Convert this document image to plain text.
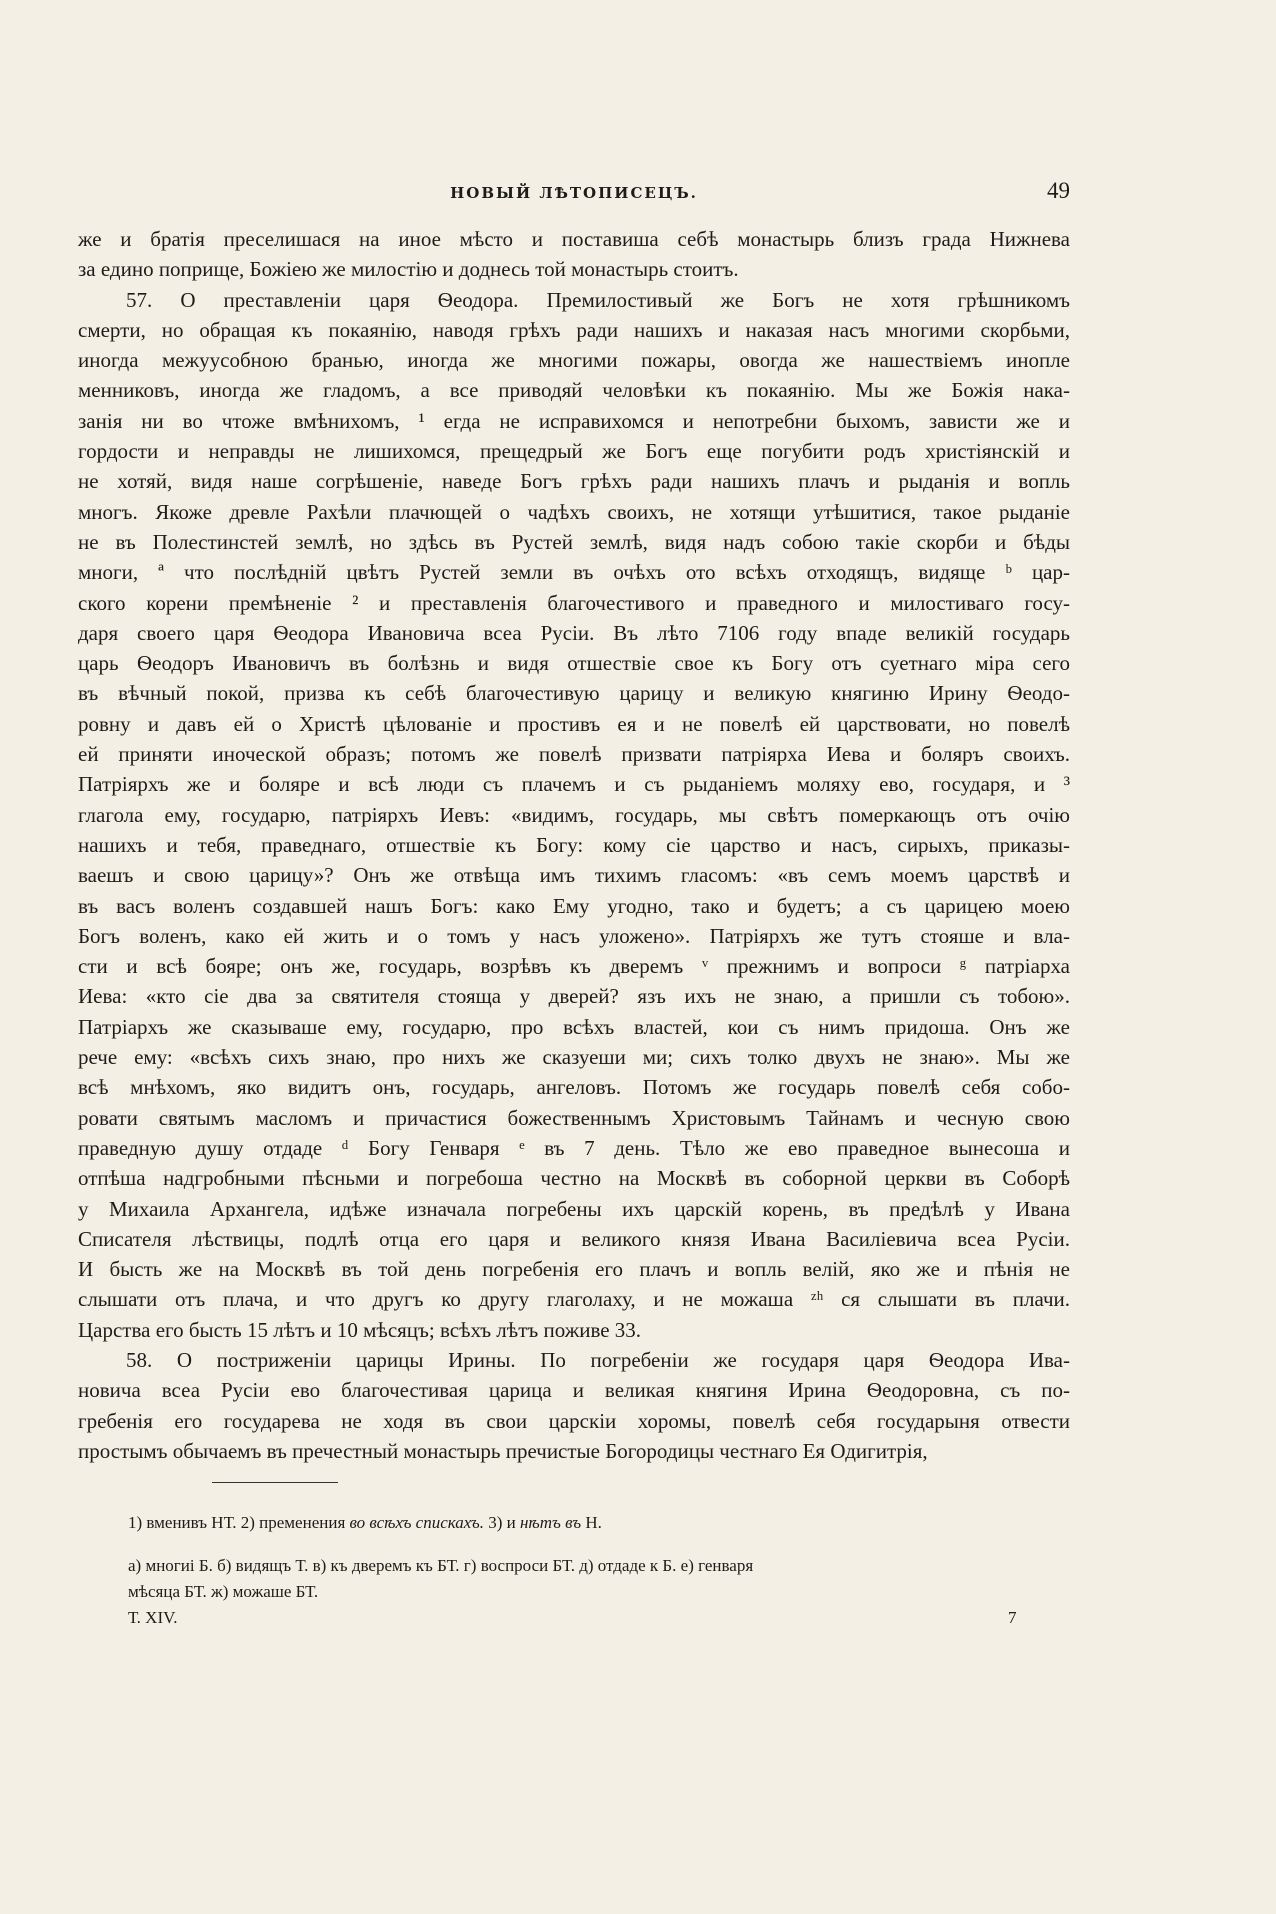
НОВЫЙ ЛѢТОПИСЕЦЪ.	49
же и братія преселишася на иное мѣсто и поставиша себѣ монастырь близъ града Нижнева
за едино поприще, Божіею же милостію и доднесь той монастырь стоитъ.
57. О преставленіи царя Ѳеодора. Премилостивый же Богъ не хотя грѣшникомъ
смерти, но обращая къ покаянію, наводя грѣхъ ради нашихъ и наказая насъ многими скорбьми,
иногда межуусобною бранью, иногда же многими пожары, овогда же нашествіемъ иноплe
менниковъ, иногда же гладомъ, а все приводяй человѣки къ покаянію. Мы же Божія нака-
занія ни во чтоже вмѣнихомъ, ¹ егда не исправихомся и непотребни быхомъ, зависти же и
гордости и неправды не лишихомся, прещедрый же Богъ еще погубити родъ христіянскій и
не хотяй, видя наше согрѣшеніе, наведе Богъ грѣхъ ради нашихъ плачъ и рыданія и вопль
многъ. Якоже древле Рахѣли плачющей о чадѣхъ своихъ, не хотящи утѣшитися, такое рыданіе
не въ Полестинстей землѣ, но здѣсь въ Рустей землѣ, видя надъ собою такіе скорби и бѣды
многи, ª что послѣдній цвѣтъ Рустей земли въ очѣхъ ото всѣхъ отходящъ, видяще ᵇ цар-
ского корени премѣненіе ² и преставленія благочестивого и праведного и милостиваго госу-
даря своего царя Ѳеодора Ивановича всеа Русіи. Въ лѣто 7106 году впаде великій государь
царь Ѳеодоръ Ивановичъ въ болѣзнь и видя отшествіе свое къ Богу отъ суетнаго міра сего
въ вѣчный покой, призва къ себѣ благочестивую царицу и великую княгиню Ирину Ѳеодо-
ровну и давъ ей о Христѣ цѣлованіе и простивъ ея и не повелѣ ей царствовати, но повелѣ
ей приняти иноческой образъ; потомъ же повелѣ призвати патріярха Иева и боляръ своихъ.
Патріярхъ же и боляре и всѣ люди съ плачемъ и съ рыданіемъ моляху ево, государя, и ³
глагола ему, государю, патріярхъ Иевъ: «видимъ, государь, мы свѣтъ померкающъ отъ очію
нашихъ и тебя, праведнаго, отшествіе къ Богу: кому сіе царство и насъ, сирыхъ, приказы-
ваешъ и свою царицу»? Онъ же отвѣща имъ тихимъ гласомъ: «въ семъ моемъ царствѣ и
въ васъ воленъ создавшей нашъ Богъ: како Ему угодно, тако и будетъ; а съ царицею моею
Богъ воленъ, како ей жить и о томъ у насъ уложено». Патріярхъ же тутъ стояше и вла-
сти и всѣ бояре; онъ же, государь, возрѣвъ къ дверемъ ᵛ прежнимъ и вопроси ᵍ патріарха
Иева: «кто сіе два за святителя стояща у дверей? язъ ихъ не знаю, а пришли съ тобою».
Патріархъ же сказываше ему, государю, про всѣхъ властей, кои съ нимъ придоша. Онъ же
рече ему: «всѣхъ сихъ знаю, про нихъ же сказуеши ми; сихъ толко двухъ не знаю». Мы же
всѣ мнѣхомъ, яко видитъ онъ, государь, ангеловъ. Потомъ же государь повелѣ себя собо-
ровати святымъ масломъ и причастися божественнымъ Христовымъ Тайнамъ и чесную свою
праведную душу отдаде ᵈ Богу Генваря ᵉ въ 7 день. Тѣло же ево праведное вынесоша и
отпѣша надгробными пѣсньми и погребоша честно на Москвѣ въ соборной церкви въ Соборѣ
у Михаила Архангела, идѣже изначала погребены ихъ царскій корень, въ предѣлѣ у Ивана
Списателя лѣствицы, подлѣ отца его царя и великого князя Ивана Василіевича всеа Русіи.
И бысть же на Москвѣ въ той день погребенія его плачъ и вопль велій, яко же и пѣнія не
слышати отъ плача, и что другъ ко другу глаголаху, и не можаша ᶻʰ ся слышати въ плачи.
Царства его бысть 15 лѣтъ и 10 мѣсяцъ; всѣхъ лѣтъ поживе 33.
58. О постриженіи царицы Ирины. По погребеніи же государя царя Ѳеодора Ива-
новича всеа Русіи ево благочестивая царица и великая княгиня Ирина Ѳеодоровна, съ по-
гребенія его государева не ходя въ свои царскіи хоромы, повелѣ себя государыня отвести
простымъ обычаемъ въ пречестный монастырь пречистые Богородицы честнаго Ея Одигитрія,
1) вменивъ НТ. 2) пременения во всѣхъ спискахъ. 3) и нѣтъ въ Н.
а) многиі Б. б) видящъ Т. в) къ дверемъ къ БТ. г) воспроси БТ. д) отдаде к Б. е) генваря
мѣсяца БТ. ж) можаше БТ.
Т. XIV.	7
